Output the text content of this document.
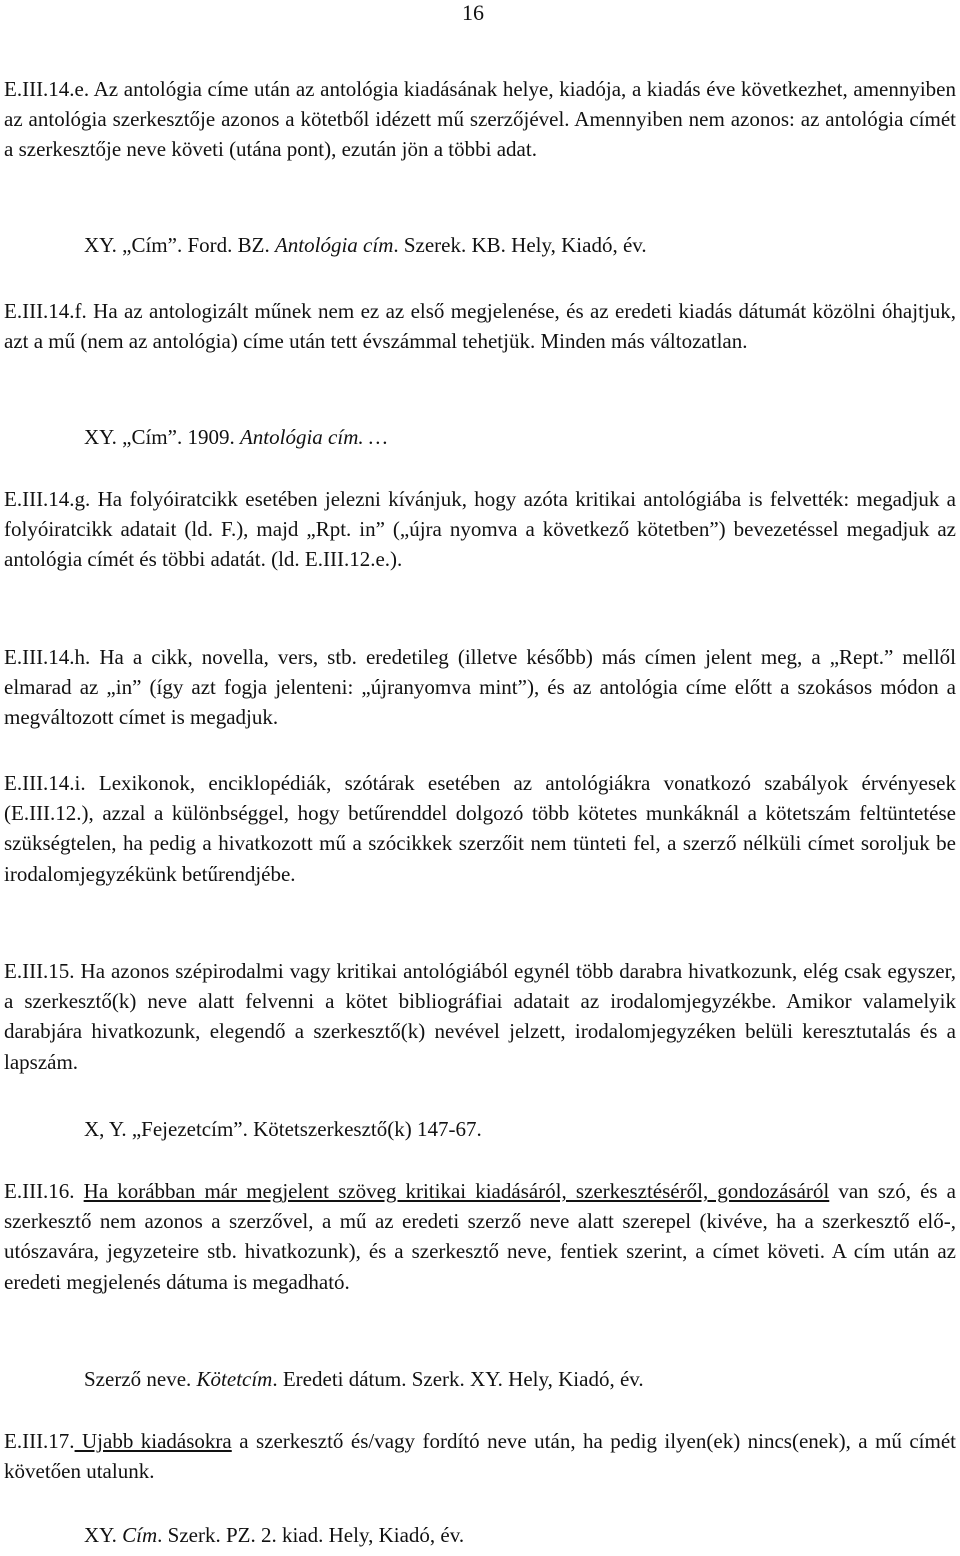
16

E.III.14.e. Az antológia címe után az antológia kiadásának helye, kiadója, a kiadás éve következhet, amennyiben az antológia szerkesztője azonos a kötetből idézett mű szerzőjével. Amennyiben nem azonos: az antológia címét a szerkesztője neve követi (utána pont), ezután jön a többi adat.

XY. „Cím”. Ford. BZ. Antológia cím. Szerek. KB. Hely, Kiadó, év.

E.III.14.f. Ha az antologizált műnek nem ez az első megjelenése, és az eredeti kiadás dátumát közölni óhajtjuk, azt a mű (nem az antológia) címe után tett évszámmal tehetjük. Minden más változatlan.

XY. „Cím”. 1909. Antológia cím. …

E.III.14.g. Ha folyóiratcikk esetében jelezni kívánjuk, hogy azóta kritikai antológiába is felvették: megadjuk a folyóiratcikk adatait (ld. F.), majd „Rpt. in” („újra nyomva a következő kötetben”) bevezetéssel megadjuk az antológia címét és többi adatát. (ld. E.III.12.e.).

E.III.14.h. Ha a cikk, novella, vers, stb. eredetileg (illetve később) más címen jelent meg, a „Rept.” mellől elmarad az „in” (így azt fogja jelenteni: „újranyomva mint”), és az antológia címe előtt a szokásos módon a megváltozott címet is megadjuk.

E.III.14.i. Lexikonok, enciklopédiák, szótárak esetében az antológiákra vonatkozó szabályok érvényesek (E.III.12.), azzal a különbséggel, hogy betűrenddel dolgozó több kötetes munkáknál a kötetszám feltüntetése szükségtelen, ha pedig a hivatkozott mű a szócikkek szerzőit nem tünteti fel, a szerző nélküli címet soroljuk be irodalomjegyzékünk betűrendjébe.

E.III.15. Ha azonos szépirodalmi vagy kritikai antológiából egynél több darabra hivatkozunk, elég csak egyszer, a szerkesztő(k) neve alatt felvenni a kötet bibliográfiai adatait az irodalomjegyzékbe. Amikor valamelyik darabjára hivatkozunk, elegendő a szerkesztő(k) nevével jelzett, irodalomjegyzéken belüli keresztutalás és a lapszám.

X, Y. „Fejezetcím”. Kötetszerkesztő(k) 147-67.

E.III.16. Ha korábban már megjelent szöveg kritikai kiadásáról, szerkesztéséről, gondozásáról van szó, és a szerkesztő nem azonos a szerzővel, a mű az eredeti szerző neve alatt szerepel (kivéve, ha a szerkesztő elő-, utószavára, jegyzeteire stb. hivatkozunk), és a szerkesztő neve, fentiek szerint, a címet követi. A cím után az eredeti megjelenés dátuma is megadható.

Szerző neve. Kötetcím. Eredeti dátum. Szerk. XY. Hely, Kiadó, év.

E.III.17. Ujabb kiadásokra a szerkesztő és/vagy fordító neve után, ha pedig ilyen(ek) nincs(enek), a mű címét követően utalunk.

XY. Cím. Szerk. PZ. 2. kiad. Hely, Kiadó, év.
